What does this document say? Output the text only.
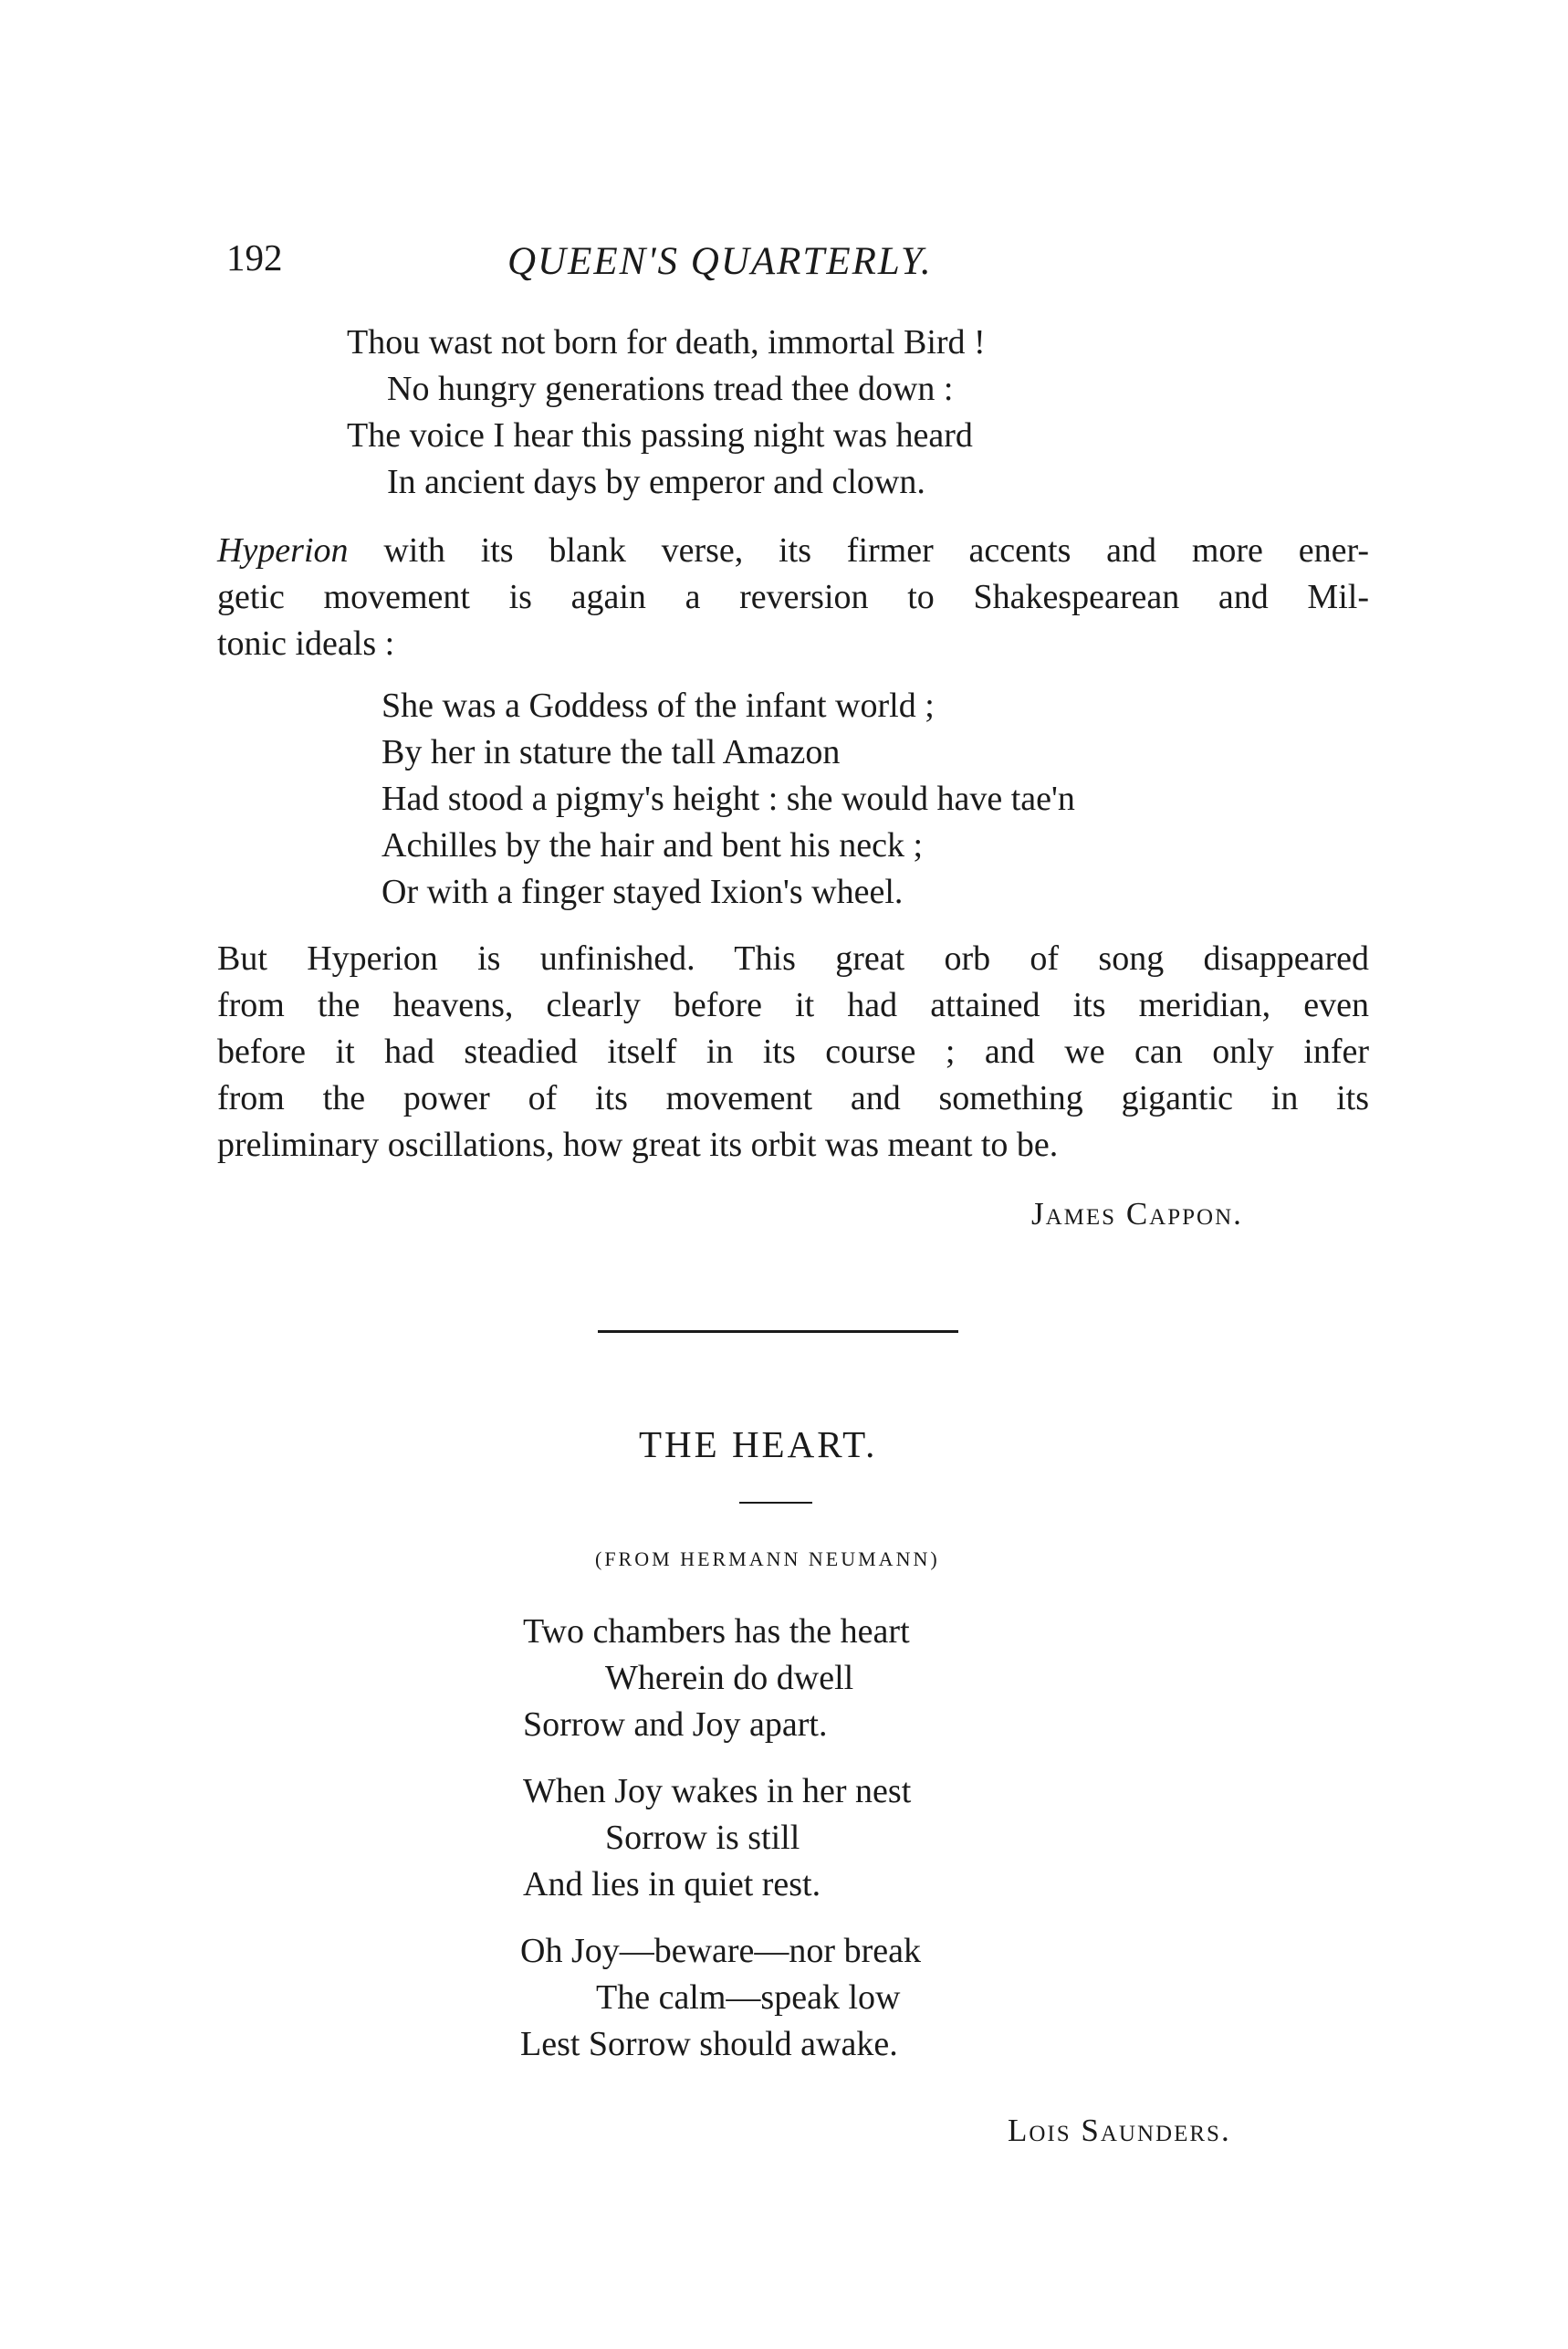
192	QUEEN'S QUARTERLY.
Thou wast not born for death, immortal Bird !
No hungry generations tread thee down :
The voice I hear this passing night was heard
In ancient days by emperor and clown.
Hyperion with its blank verse, its firmer accents and more ener-
getic movement is again a reversion to Shakespearean and Mil-
tonic ideals :
She was a Goddess of the infant world ;
By her in stature the tall Amazon
Had stood a pigmy's height : she would have tae'n
Achilles by the hair and bent his neck ;
Or with a finger stayed Ixion's wheel.
But Hyperion is unfinished. This great orb of song disappeared
from the heavens, clearly before it had attained its meridian, even
before it had steadied itself in its course ; and we can only infer
from the power of its movement and something gigantic in its
preliminary oscillations, how great its orbit was meant to be.
James Cappon.
THE HEART.
(FROM HERMANN NEUMANN)
Two chambers has the heart
Wherein do dwell
Sorrow and Joy apart.
When Joy wakes in her nest
Sorrow is still
And lies in quiet rest.
Oh Joy—beware—nor break
The calm—speak low
Lest Sorrow should awake.
Lois Saunders.
